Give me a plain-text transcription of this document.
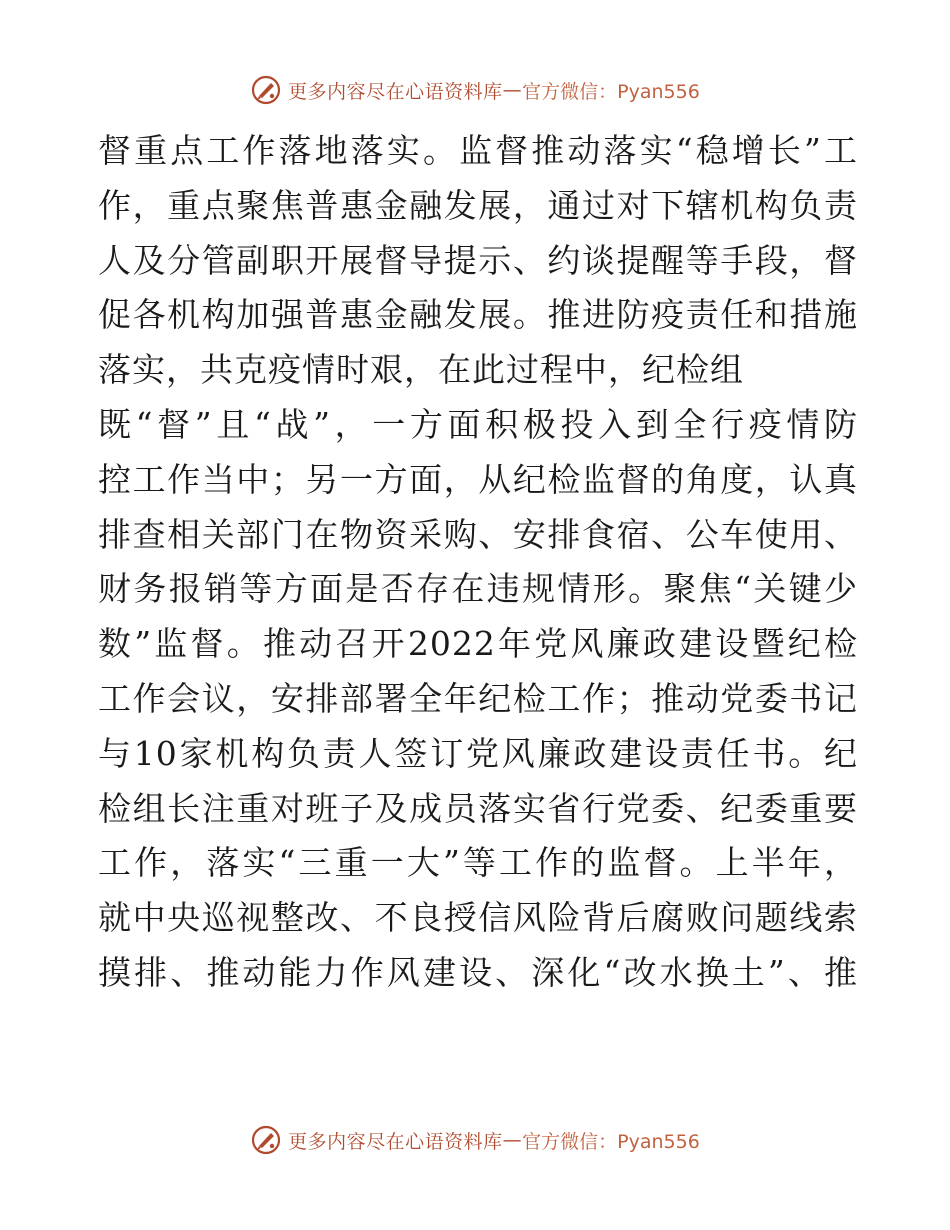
更多内容尽在心语资料库 — 官方微信：Pyan556
督重点工作落地落实。监督推动落实“稳增长”工
作，重点聚焦普惠金融发展，通过对下辖机构负责
人及分管副职开展督导提示、约谈提醒等手段，督
促各机构加强普惠金融发展。推进防疫责任和措施
落实，共克疫情时艰，在此过程中，纪检组
既“督”且“战”，一方面积极投入到全行疫情防
控工作当中；另一方面，从纪检监督的角度，认真
排查相关部门在物资采购、安排食宿、公车使用、
财务报销等方面是否存在违规情形。聚焦“关键少
数”监督。推动召开2022年党风廉政建设暨纪检
工作会议，安排部署全年纪检工作；推动党委书记
与10家机构负责人签订党风廉政建设责任书。纪
检组长注重对班子及成员落实省行党委、纪委重要
工作，落实“三重一大”等工作的监督。上半年，
就中央巡视整改、不良授信风险背后腐败问题线索
摸排、推动能力作风建设、深化“改水换土”、推
更多内容尽在心语资料库 — 官方微信：Pyan556
